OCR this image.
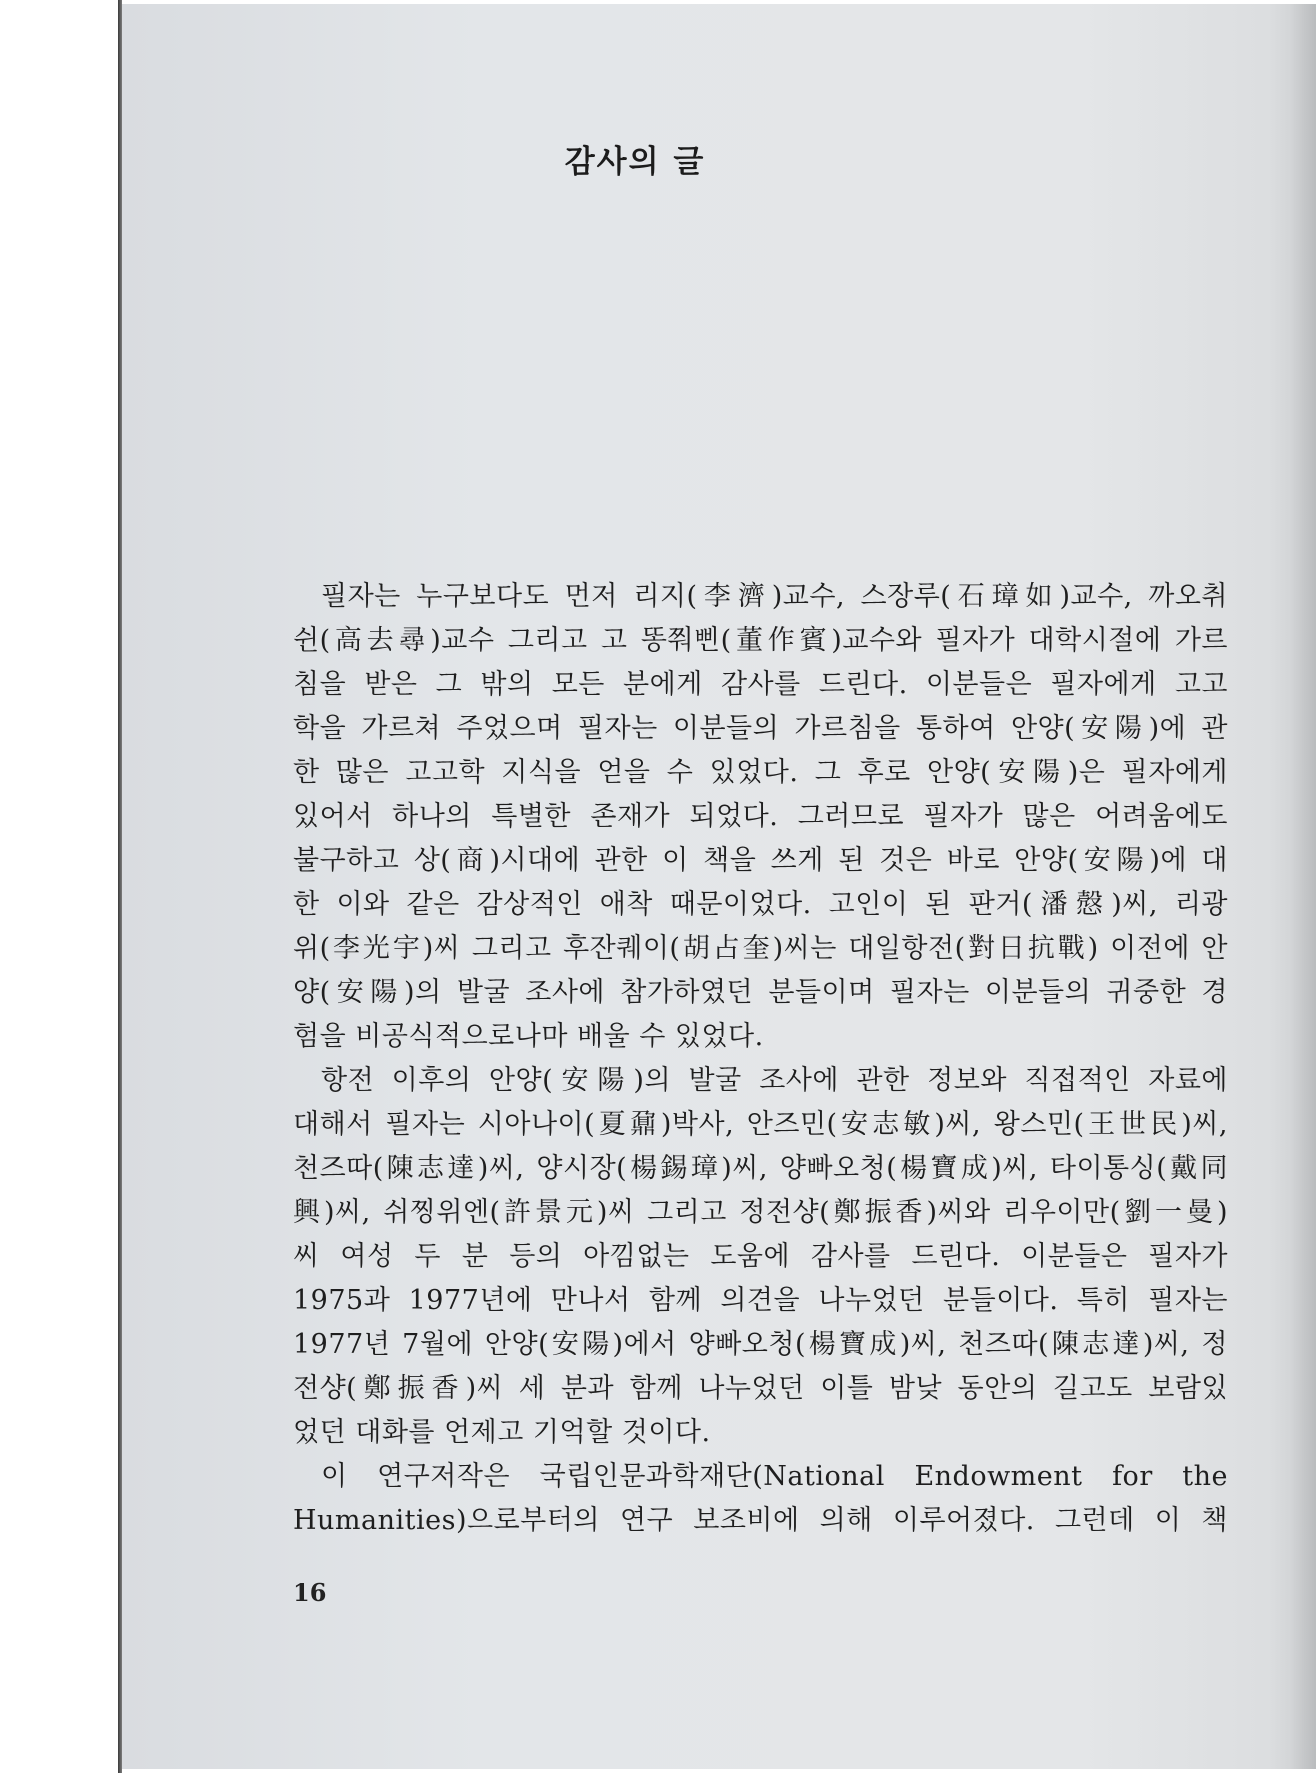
감사의 글
필자는 누구보다도 먼저 리지(李濟)교수, 스장루(石璋如)교수, 까오취
쉰(高去尋)교수 그리고 고 똥쭤삔(董作賓)교수와 필자가 대학시절에 가르
침을 받은 그 밖의 모든 분에게 감사를 드린다. 이분들은 필자에게 고고
학을 가르쳐 주었으며 필자는 이분들의 가르침을 통하여 안양(安陽)에 관
한 많은 고고학 지식을 얻을 수 있었다. 그 후로 안양(安陽)은 필자에게
있어서 하나의 특별한 존재가 되었다. 그러므로 필자가 많은 어려움에도
불구하고 상(商)시대에 관한 이 책을 쓰게 된 것은 바로 안양(安陽)에 대
한 이와 같은 감상적인 애착 때문이었다. 고인이 된 판거(潘慤)씨, 리광
위(李光宇)씨 그리고 후잔퀘이(胡占奎)씨는 대일항전(對日抗戰) 이전에 안
양(安陽)의 발굴 조사에 참가하였던 분들이며 필자는 이분들의 귀중한 경
험을 비공식적으로나마 배울 수 있었다.
항전 이후의 안양(安陽)의 발굴 조사에 관한 정보와 직접적인 자료에
대해서 필자는 시아나이(夏鼐)박사, 안즈민(安志敏)씨, 왕스민(王世民)씨,
천즈따(陳志達)씨, 양시장(楊錫璋)씨, 양빠오청(楊寶成)씨, 타이통싱(戴同
興)씨, 쉬찡위엔(許景元)씨 그리고 정전샹(鄭振香)씨와 리우이만(劉一曼)
씨 여성 두 분 등의 아낌없는 도움에 감사를 드린다. 이분들은 필자가
1975과 1977년에 만나서 함께 의견을 나누었던 분들이다. 특히 필자는
1977년 7월에 안양(安陽)에서 양빠오청(楊寶成)씨, 천즈따(陳志達)씨, 정
전샹(鄭振香)씨 세 분과 함께 나누었던 이틀 밤낮 동안의 길고도 보람있
었던 대화를 언제고 기억할 것이다.
이 연구저작은 국립인문과학재단(National Endowment for the
Humanities)으로부터의 연구 보조비에 의해 이루어졌다. 그런데 이 책
16
